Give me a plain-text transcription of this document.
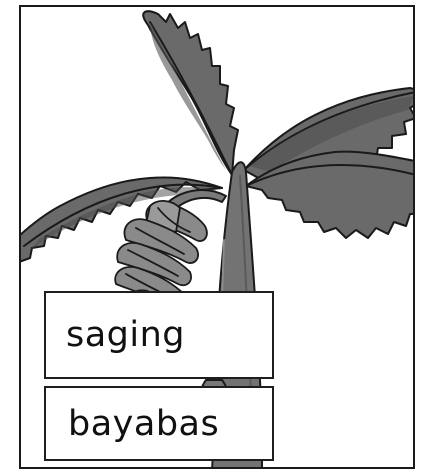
saging
bayabas
